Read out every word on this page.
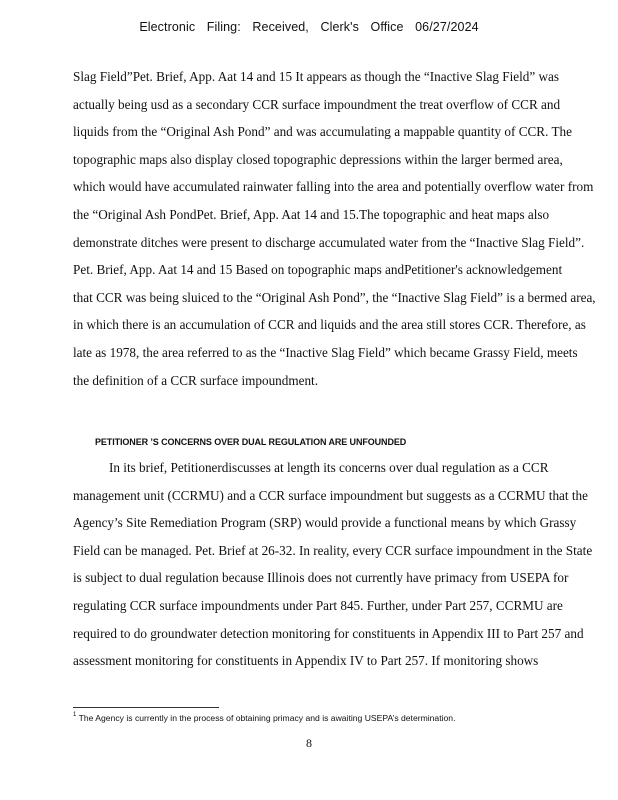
Electronic Filing: Received, Clerk's Office 06/27/2024
Slag Field”Pet. Brief, App. Aat 14 and 15 It appears as though the “Inactive Slag Field” was
actually being usd as a secondary CCR surface impoundment the treat overflow of CCR and
liquids from the “Original Ash Pond” and was accumulating a mappable quantity of CCR. The
topographic maps also display closed topographic depressions within the larger bermed area,
which would have accumulated rainwater falling into the area and potentially overflow water from
the “Original Ash PondPet. Brief, App. Aat 14 and 15.The topographic and heat maps also
demonstrate ditches were present to discharge accumulated water from the “Inactive Slag Field”.
Pet. Brief, App. Aat 14 and 15 Based on topographic maps andPetitioner's acknowledgement
that CCR was being sluiced to the “Original Ash Pond”, the “Inactive Slag Field” is a bermed area,
in which there is an accumulation of CCR and liquids and the area still stores CCR. Therefore, as
late as 1978, the area referred to as the “Inactive Slag Field” which became Grassy Field, meets
the definition of a CCR surface impoundment.
PETITIONER ’S CONCERNS OVER DUAL REGULATION ARE UNFOUNDED
In its brief, Petitionerdiscusses at length its concerns over dual regulation as a CCR
management unit (CCRMU) and a CCR surface impoundment but suggests as a CCRMU that the
Agency’s Site Remediation Program (SRP) would provide a functional means by which Grassy
Field can be managed. Pet. Brief at 26-32. In reality, every CCR surface impoundment in the State
is subject to dual regulation because Illinois does not currently have primacy from USEPA for
regulating CCR surface impoundments under Part 845. Further, under Part 257, CCRMU are
required to do groundwater detection monitoring for constituents in Appendix III to Part 257 and
assessment monitoring for constituents in Appendix IV to Part 257. If monitoring shows
$^1$ The Agency is currently in the process of obtaining primacy and is awaiting USEPA’s determination.
8
